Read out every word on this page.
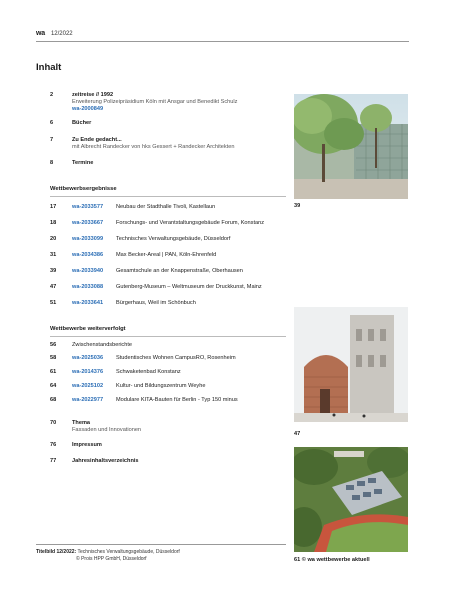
wa 12/2022
Inhalt
2	zeitreise // 1992
Erweiterung Polizeipräsidium Köln mit Ansgar und Benedikt Schulz
wa-2000849
6	Bücher
7	Zu Ende gedacht...
mit Albrecht Randecker von hks Gessert + Randecker Architekten
8	Termine
Wettbewerbsergebnisse
17	wa-2033577 Neubau der Stadthalle Tivoli, Kastellaun
18	wa-2033667 Forschungs- und Verantstaltungsgebäude Forum, Konstanz
20	wa-2033099 Technisches Verwaltungsgebäude, Düsseldorf
31	wa-2034386 Max Becker-Areal | PAN, Köln-Ehrenfeld
39	wa-2033940 Gesamtschule an der Knappenstraße, Oberhausen
47	wa-2033088 Gutenberg-Museum – Weltmuseum der Druckkunst, Mainz
51	wa-2033641 Bürgerhaus, Weil im Schönbuch
Wettbewerbe weiterverfolgt
56	Zwischenstandsberichte
58	wa-2025036 Studentisches Wohnen CampusRO, Rosenheim
61	wa-2014376 Schwaketenbad Konstanz
64	wa-2025102 Kultur- und Bildungszentrum Weyhe
68	wa-2022977 Modulare KITA-Bauten für Berlin - Typ 150 minus
70	Thema
Fassaden und Innovationen
76	Impressum
77	Jahresinhaltsverzeichnis
39
47
61 © wa wettbewerbe aktuell
Titelbild 12/2022: Technisches Verwaltungsgebäude, Düsseldorf
© Prois HPP GmbH, Düsseldorf
